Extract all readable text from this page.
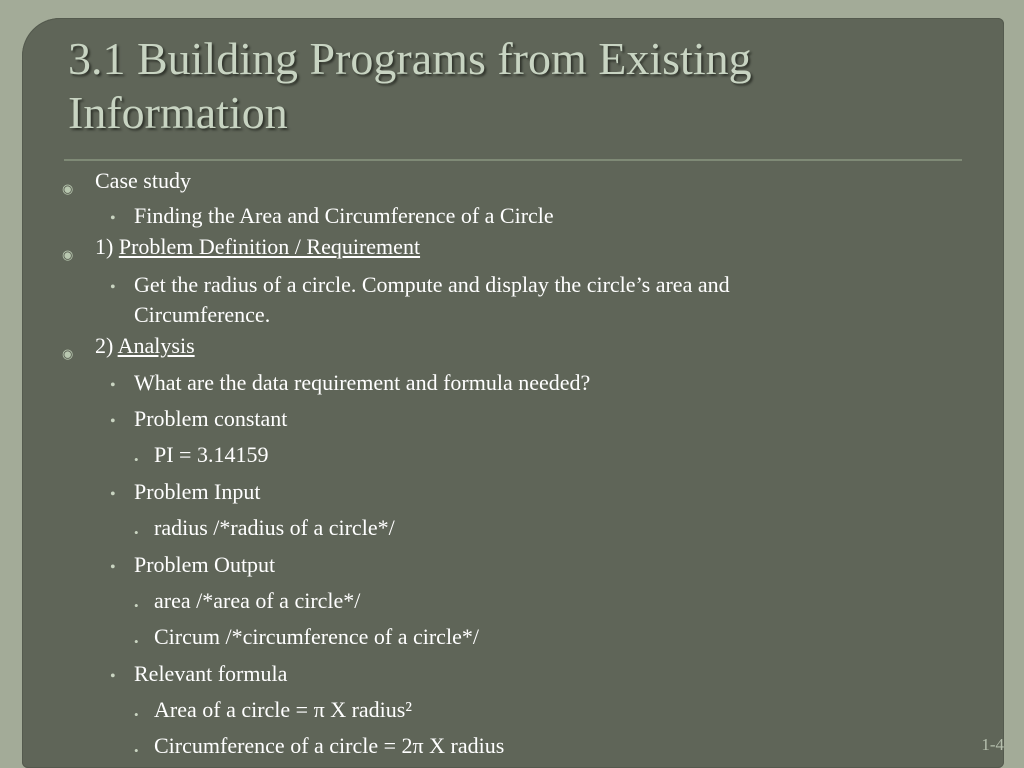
3.1 Building Programs from Existing Information
◉ Case study
• Finding the Area and Circumference of a Circle
◉ 1) Problem Definition / Requirement
• Get the radius of a circle. Compute and display the circle’s area and
Circumference.
◉ 2) Analysis
• What are the data requirement and formula needed?
• Problem constant
• PI = 3.14159
• Problem Input
• radius /*radius of a circle*/
• Problem Output
• area /*area of a circle*/
• Circum /*circumference of a circle*/
• Relevant formula
• Area of a circle = π X radius²
• Circumference of a circle = 2π X radius	1-4
